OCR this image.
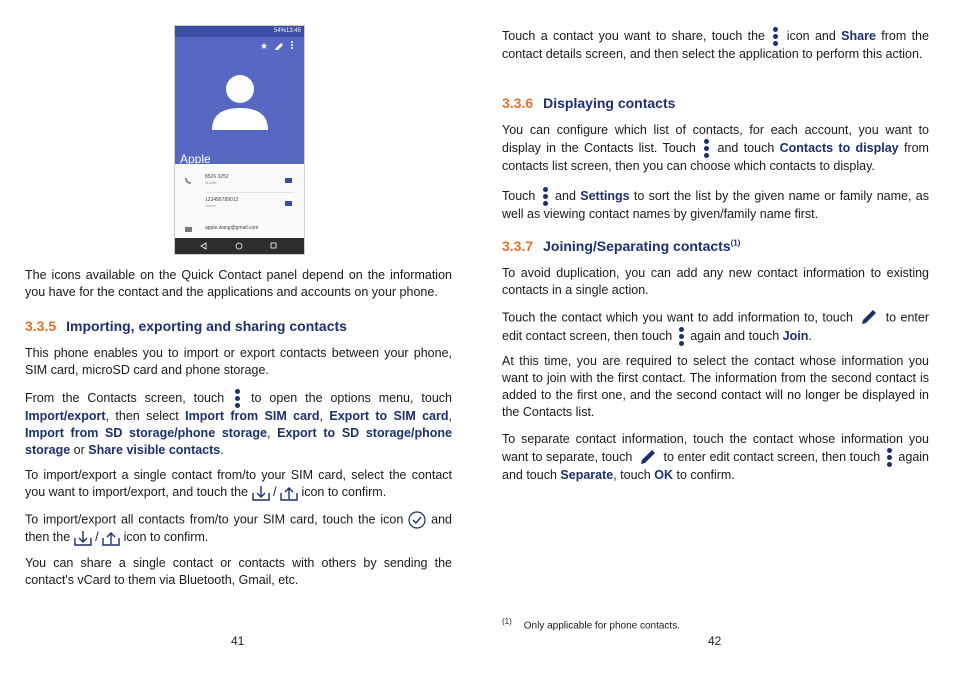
13:45
54%
★
Apple
8526 3252
Mobile
123456789012
Home
apple.wang@gmail.com

The icons available on the Quick Contact panel depend on the information you have for the contact and the applications and accounts on your phone.

3.3.5 Importing, exporting and sharing contacts

This phone enables you to import or export contacts between your phone, SIM card, microSD card and phone storage.

From the Contacts screen, touch to open the options menu, touch Import/export, then select Import from SIM card, Export to SIM card, Import from SD storage/phone storage, Export to SD storage/phone storage or Share visible contacts.

To import/export a single contact from/to your SIM card, select the contact you want to import/export, and touch the  /  icon to confirm.

To import/export all contacts from/to your SIM card, touch the icon and then the  /  icon to confirm.

You can share a single contact or contacts with others by sending the contact's vCard to them via Bluetooth, Gmail, etc.

41

Touch a contact you want to share, touch the icon and Share from the contact details screen, and then select the application to perform this action.

3.3.6 Displaying contacts

You can configure which list of contacts, for each account, you want to display in the Contacts list. Touch and touch Contacts to display from contacts list screen, then you can choose which contacts to display.

Touch and Settings to sort the list by the given name or family name, as well as viewing contact names by given/family name first.

3.3.7 Joining/Separating contacts$^{(1)}$

To avoid duplication, you can add any new contact information to existing contacts in a single action.

Touch the contact which you want to add information to, touch	to enter edit contact screen, then touch again and touch Join.

At this time, you are required to select the contact whose information you want to join with the first contact. The information from the second contact is added to the first one, and the second contact will no longer be displayed in the Contacts list.

To separate contact information, touch the contact whose information you want to separate, touch to enter edit contact screen, then touch again and touch Separate, touch OK to confirm.

$^{(1)}$ Only applicable for phone contacts.
42
